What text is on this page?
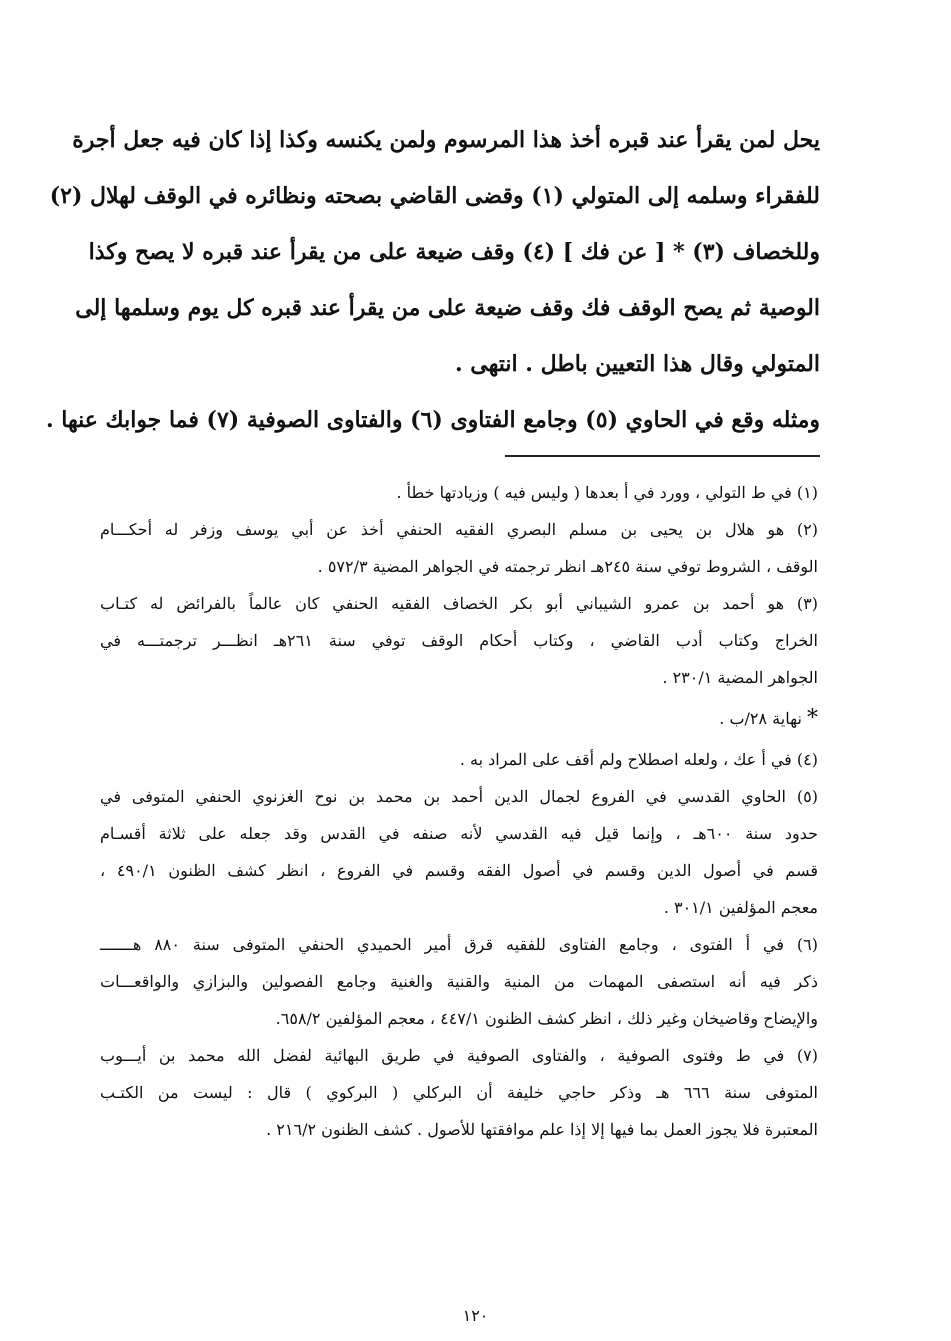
يحل لمن يقرأ عند قبره أخذ هذا المرسوم ولمن يكنسه وكذا إذا كان فيه جعل أجرة
للفقراء وسلمه إلى المتولي (١) وقضى القاضي بصحته ونظائره في الوقف لهلال (٢)
وللخصاف (٣) * [ عن فك ] (٤) وقف ضيعة على من يقرأ عند قبره لا يصح وكذا
الوصية ثم يصح الوقف فك وقف ضيعة على من يقرأ عند قبره كل يوم وسلمها إلى
المتولي وقال هذا التعيين باطل . انتهى .
ومثله وقع في الحاوي (٥) وجامع الفتاوى (٦) والفتاوى الصوفية (٧) فما جوابك عنها .
(١) في ط التولي ، وورد في أ بعدها ( وليس فيه ) وزيادتها خطأ .
(٢) هو هلال بن يحيى بن مسلم البصري الفقيه الحنفي أخذ عن أبي يوسف وزفر له أحكـــام
الوقف ، الشروط توفي سنة ٢٤٥هـ انظر ترجمته في الجواهر المضية ٥٧٢/٣ .
(٣) هو أحمد بن عمرو الشيباني أبو بكر الخصاف الفقيه الحنفي كان عالماً بالفرائض له كتـاب
الخراج وكتاب أدب القاضي ، وكتاب أحكام الوقف توفي سنة ٢٦١هـ انظـــر ترجمتـــه في
الجواهر المضية ٢٣٠/١ .
* نهاية ٢٨/ب .
(٤) في أ عك ، ولعله اصطلاح ولم أقف على المراد به .
(٥) الحاوي القدسي في الفروع لجمال الدين أحمد بن محمد بن نوح الغزنوي الحنفي المتوفى في
حدود سنة ٦٠٠هـ ، وإنما قيل فيه القدسي لأنه صنفه في القدس وقد جعله على ثلاثة أقسـام
قسم في أصول الدين وقسم في أصول الفقه وقسم في الفروع ، انظر كشف الظنون ٤٩٠/١ ،
معجم المؤلفين ٣٠١/١ .
(٦) في أ الفتوى ، وجامع الفتاوى للفقيه قرق أمير الحميدي الحنفي المتوفى سنة ٨٨٠ هـــــــ
ذكر فيه أنه استصفى المهمات من المنية والقنية والغنية وجامع الفصولين والبزازي والواقعـــات
والإيضاح وقاضيخان وغير ذلك ، انظر كشف الظنون ٤٤٧/١ ، معجم المؤلفين ٦٥٨/٢.
(٧) في ط وفتوى الصوفية ، والفتاوى الصوفية في طريق البهائية لفضل الله محمد بن أيـــوب
المتوفى سنة ٦٦٦ هـ وذكر حاجي خليفة أن البركلي ( البركوي ) قال : ليست من الكتـب
المعتبرة فلا يجوز العمل بما فيها إلا إذا علم موافقتها للأصول . كشف الظنون ٢١٦/٢ .
١٢٠
